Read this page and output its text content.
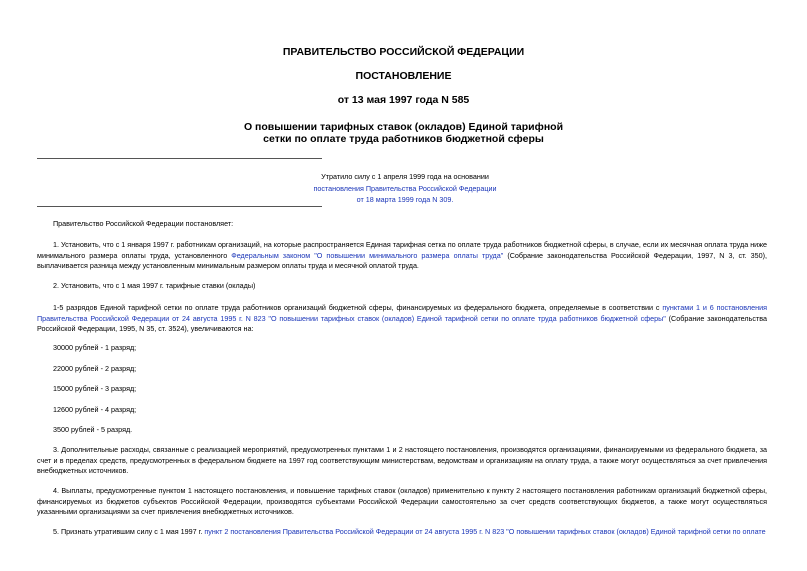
ПРАВИТЕЛЬСТВО РОССИЙСКОЙ ФЕДЕРАЦИИ
ПОСТАНОВЛЕНИЕ
от 13 мая 1997 года N 585
О повышении тарифных ставок (окладов) Единой тарифной
сетки по оплате труда работников бюджетной сферы
Утратило силу с 1 апреля 1999 года на основании
постановления Правительства Российской Федерации
от 18 марта 1999 года N 309.
Правительство Российской Федерации постановляет:
1. Установить, что с 1 января 1997 г. работникам организаций, на которые распространяется Единая тарифная сетка по оплате труда работников бюджетной сферы, в случае, если их месячная оплата труда ниже минимального размера оплаты труда, установленного Федеральным законом "О повышении минимального размера оплаты труда" (Собрание законодательства Российской Федерации, 1997, N 3, ст. 350), выплачивается разница между установленным минимальным размером оплаты труда и месячной оплатой труда.
2. Установить, что с 1 мая 1997 г. тарифные ставки (оклады)
1-5 разрядов Единой тарифной сетки по оплате труда работников организаций бюджетной сферы, финансируемых из федерального бюджета, определяемые в соответствии с пунктами 1 и 6 постановления Правительства Российской Федерации от 24 августа 1995 г. N 823 "О повышении тарифных ставок (окладов) Единой тарифной сетки по оплате труда работников бюджетной сферы" (Собрание законодательства Российской Федерации, 1995, N 35, ст. 3524), увеличиваются на:
30000 рублей - 1 разряд;
22000 рублей - 2 разряд;
15000 рублей - 3 разряд;
12600 рублей - 4 разряд;
3500 рублей - 5 разряд.
3. Дополнительные расходы, связанные с реализацией мероприятий, предусмотренных пунктами 1 и 2 настоящего постановления, производятся организациями, финансируемыми из федерального бюджета, за счет и в пределах средств, предусмотренных в федеральном бюджете на 1997 год соответствующим министерствам, ведомствам и организациям на оплату труда, а также могут осуществляться за счет привлечения внебюджетных источников.
4. Выплаты, предусмотренные пунктом 1 настоящего постановления, и повышение тарифных ставок (окладов) применительно к пункту 2 настоящего постановления работникам организаций бюджетной сферы, финансируемых из бюджетов субъектов Российской Федерации, производятся субъектами Российской Федерации самостоятельно за счет средств соответствующих бюджетов, а также могут осуществляться указанными организациями за счет привлечения внебюджетных источников.
5. Признать утратившим силу с 1 мая 1997 г. пункт 2 постановления Правительства Российской Федерации от 24 августа 1995 г. N 823 "О повышении тарифных ставок (окладов) Единой тарифной сетки по оплате
